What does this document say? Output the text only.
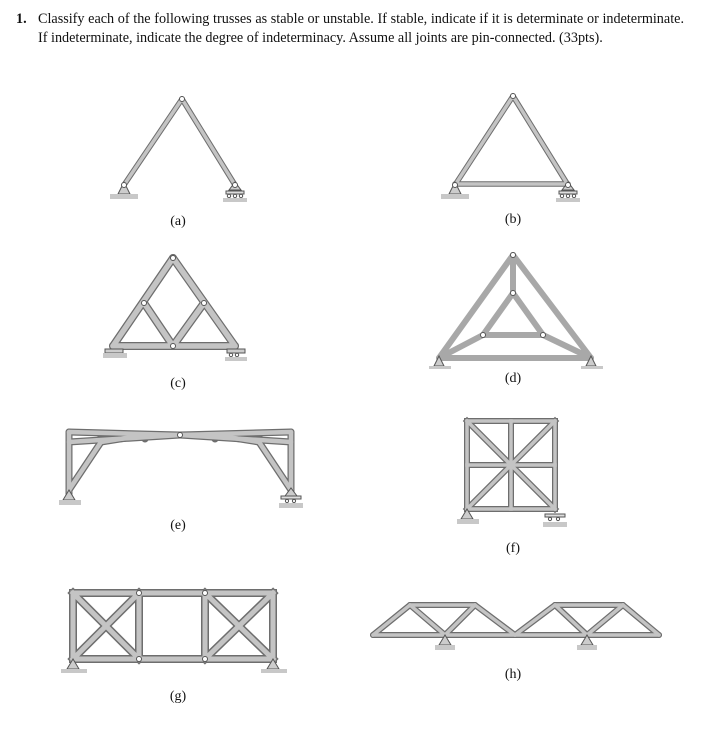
1. Classify each of the following trusses as stable or unstable. If stable, indicate if it is determinate or indeterminate. If indeterminate, indicate the degree of indeterminacy. Assume all joints are pin-connected. (33pts).
(a)	(b)
(c)	(d)
(e)
(f)
(g)
(h)
